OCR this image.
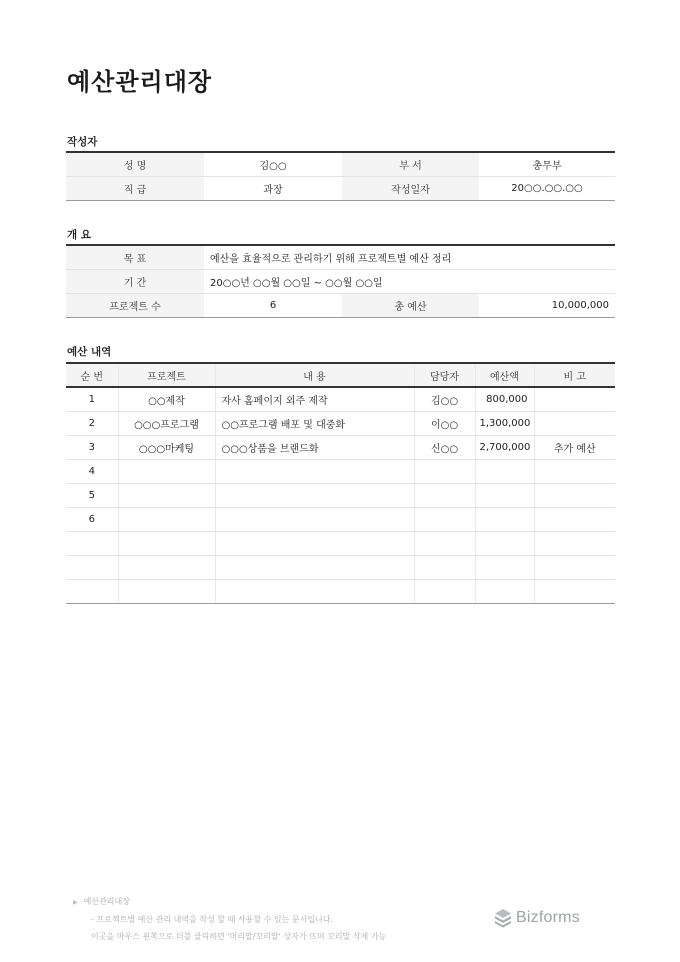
예산관리대장
작성자
성 명	김○○	부 서	총무부
직 급	과장	작성일자	20○○.○○.○○
개 요
목 표	예산을 효율적으로 관리하기 위해 프로젝트별 예산 정리		
기 간	20○○년 ○○월 ○○일 ~ ○○월 ○○일		
프로젝트 수	6	총 예산	10,000,000
예산 내역
순 번	프로젝트	내 용	담당자	예산액	비 고
1	○○제작	자사 홈페이지 외주 제작	김○○	800,000	
2	○○○프로그램	○○프로그램 배포 및 대중화	이○○	1,300,000	
3	○○○마케팅	○○○상품을 브랜드화	신○○	2,700,000	추가 예산
4					
5					
6					

▶ 예산관리대장
- 프로젝트별 예산 관리 내역을 작성 할 때 사용할 수 있는 문서입니다.
이곳을 마우스 왼쪽으로 더블 클릭하면 '머리말/꼬리말' 상자가 뜨며 꼬리말 삭제 가능
Bizforms
